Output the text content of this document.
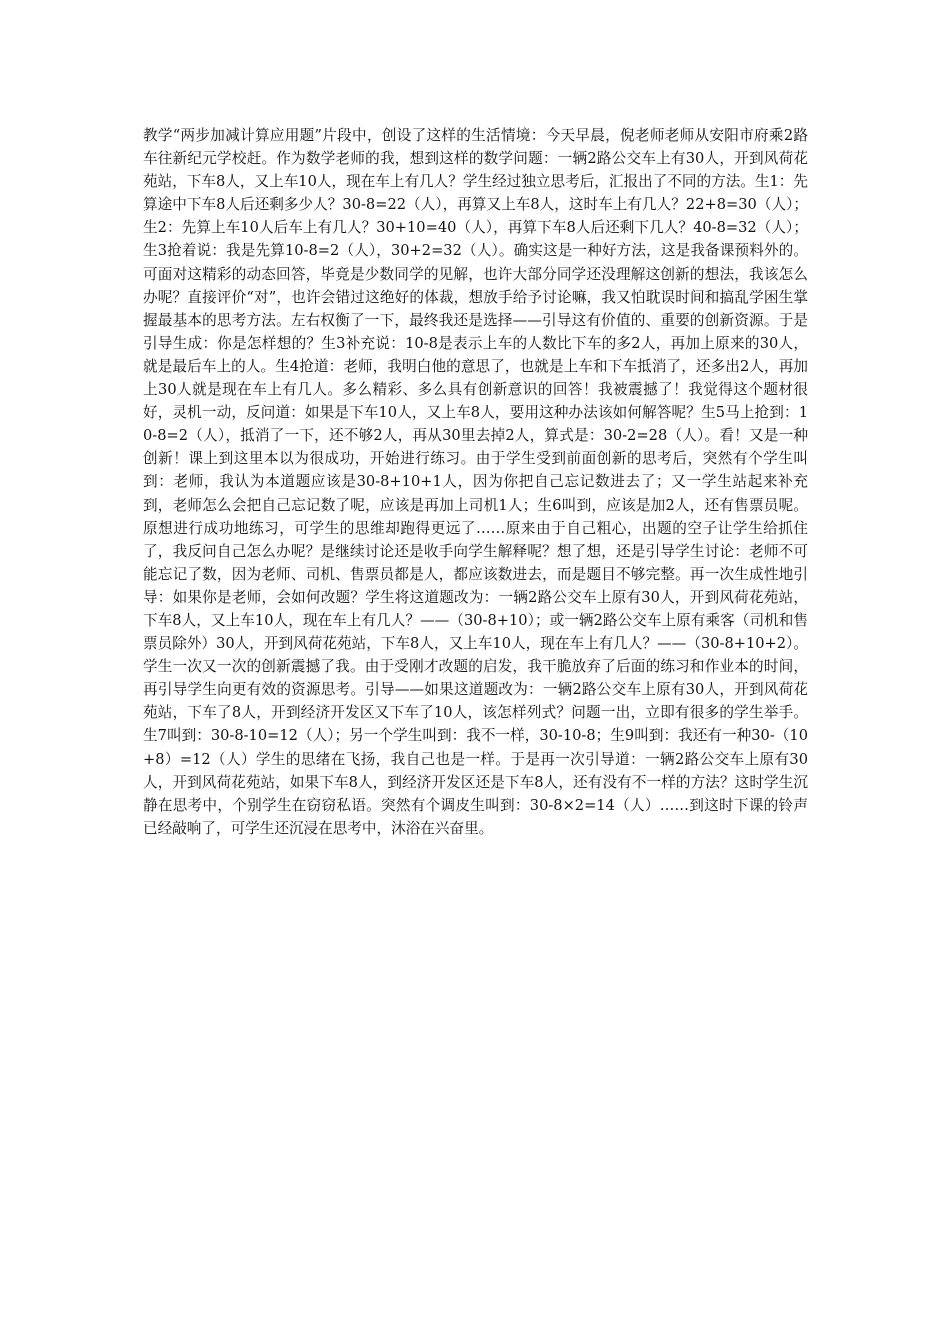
教学“两步加减计算应用题”片段中，创设了这样的生活情境：今天早晨，倪老师老师从安阳市府乘2路车往新纪元学校赶。作为数学老师的我，想到这样的数学问题：一辆2路公交车上有30人，开到风荷花苑站，下车8人，又上车10人，现在车上有几人？学生经过独立思考后，汇报出了不同的方法。生1：先算途中下车8人后还剩多少人？30-8=22（人），再算又上车8人，这时车上有几人？22+8=30（人）；生2：先算上车10人后车上有几人？30+10=40（人），再算下车8人后还剩下几人？40-8=32（人）；生3抢着说：我是先算10-8=2（人），30+2=32（人）。确实这是一种好方法，这是我备课预料外的。可面对这精彩的动态回答，毕竟是少数同学的见解，也许大部分同学还没理解这创新的想法，我该怎么办呢？直接评价“对”，也许会错过这绝好的体裁，想放手给予讨论嘛，我又怕耽误时间和搞乱学困生掌握最基本的思考方法。左右权衡了一下，最终我还是选择——引导这有价值的、重要的创新资源。于是引导生成：你是怎样想的？生3补充说：10-8是表示上车的人数比下车的多2人，再加上原来的30人，就是最后车上的人。生4抢道：老师，我明白他的意思了，也就是上车和下车抵消了，还多出2人，再加上30人就是现在车上有几人。多么精彩、多么具有创新意识的回答！我被震撼了！我觉得这个题材很好，灵机一动，反问道：如果是下车10人，又上车8人，要用这种办法该如何解答呢？生5马上抢到：10-8=2（人），抵消了一下，还不够2人，再从30里去掉2人，算式是：30-2=28（人）。看！又是一种创新！课上到这里本以为很成功，开始进行练习。由于学生受到前面创新的思考后，突然有个学生叫到：老师，我认为本道题应该是30-8+10+1人，因为你把自己忘记数进去了；又一学生站起来补充到，老师怎么会把自己忘记数了呢，应该是再加上司机1人；生6叫到，应该是加2人，还有售票员呢。原想进行成功地练习，可学生的思维却跑得更远了……原来由于自己粗心，出题的空子让学生给抓住了，我反问自己怎么办呢？是继续讨论还是收手向学生解释呢？想了想，还是引导学生讨论：老师不可能忘记了数，因为老师、司机、售票员都是人，都应该数进去，而是题目不够完整。再一次生成性地引导：如果你是老师，会如何改题？学生将这道题改为：一辆2路公交车上原有30人，开到风荷花苑站，下车8人，又上车10人，现在车上有几人？——（30-8+10）；或一辆2路公交车上原有乘客（司机和售票员除外）30人，开到风荷花苑站，下车8人，又上车10人，现在车上有几人？——（30-8+10+2）。学生一次又一次的创新震撼了我。由于受刚才改题的启发，我干脆放弃了后面的练习和作业本的时间，再引导学生向更有效的资源思考。引导——如果这道题改为：一辆2路公交车上原有30人，开到风荷花苑站，下车了8人，开到经济开发区又下车了10人，该怎样列式？问题一出，立即有很多的学生举手。生7叫到：30-8-10=12（人）；另一个学生叫到：我不一样，30-10-8；生9叫到：我还有一种30-（10+8）=12（人）学生的思绪在飞扬，我自己也是一样。于是再一次引导道：一辆2路公交车上原有30人，开到风荷花苑站，如果下车8人，到经济开发区还是下车8人，还有没有不一样的方法？这时学生沉静在思考中，个别学生在窃窃私语。突然有个调皮生叫到：30-8×2=14（人）……到这时下课的铃声已经敲响了，可学生还沉浸在思考中，沐浴在兴奋里。
